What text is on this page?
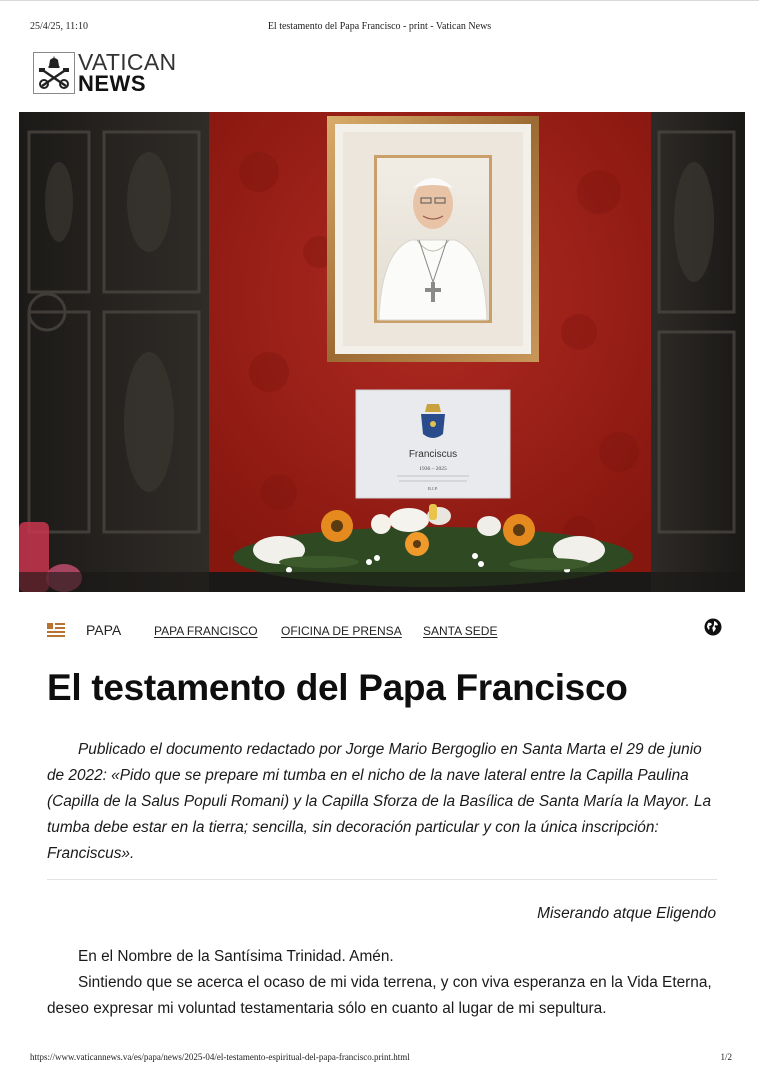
25/4/25, 11:10	El testamento del Papa Francisco - print - Vatican News
VATICAN
NEWS
Franciscus
1936 – 2025
R.I.P.
PAPA	PAPA FRANCISCO OFICINA DE PRENSA SANTA SEDE
El testamento del Papa Francisco

Publicado el documento redactado por Jorge Mario Bergoglio en Santa Marta el 29 de junio de 2022: «Pido que se prepare mi tumba en el nicho de la nave lateral entre la Capilla Paulina (Capilla de la Salus Populi Romani) y la Capilla Sforza de la Basílica de Santa María la Mayor. La tumba debe estar en la tierra; sencilla, sin decoración particular y con la única inscripción: Franciscus».

Miserando atque Eligendo

En el Nombre de la Santísima Trinidad. Amén.

Sintiendo que se acerca el ocaso de mi vida terrena, y con viva esperanza en la Vida Eterna, deseo expresar mi voluntad testamentaria sólo en cuanto al lugar de mi sepultura.

https://www.vaticannews.va/es/papa/news/2025-04/el-testamento-espiritual-del-papa-francisco.print.html	1/2
